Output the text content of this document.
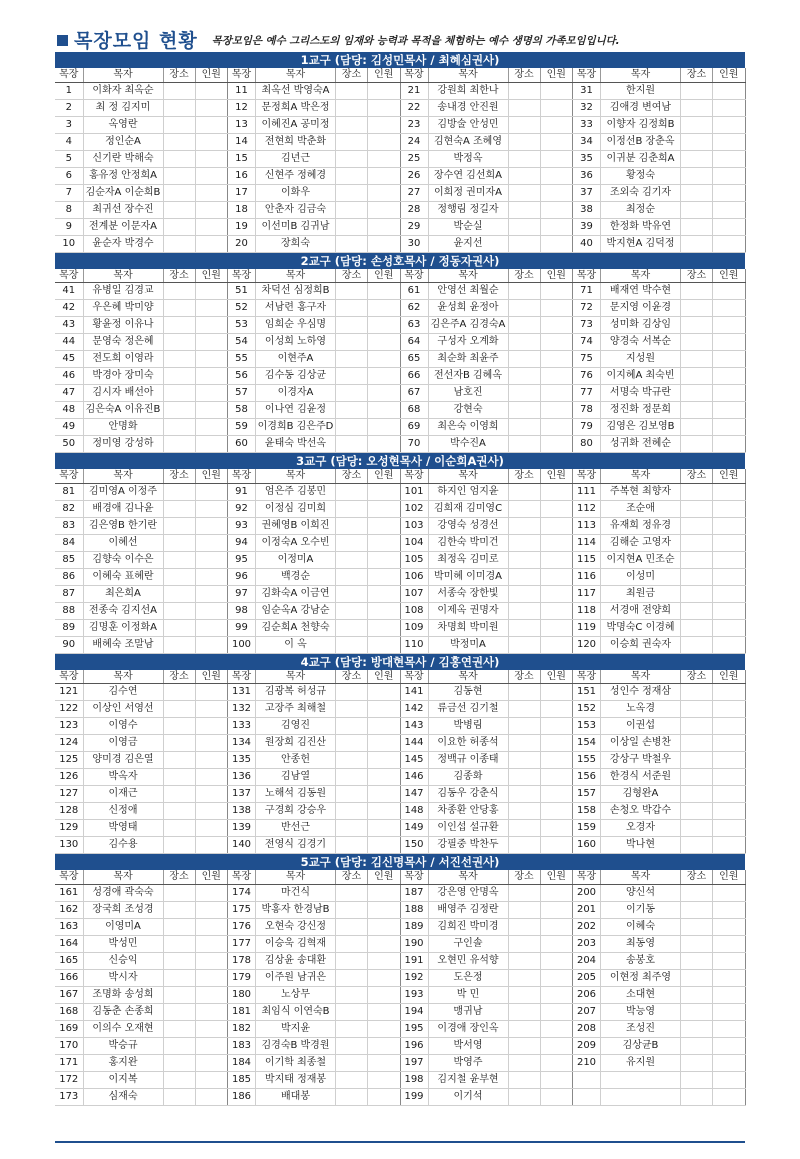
목장모임 현황 목장모임은 예수 그리스도의 임재와 능력과 목적을 체험하는 예수 생명의 가족모임입니다.
1교구 (담당: 김성민목사 / 최혜심권사)
목장	목자	장소	인원	목장	목자	장소	인원	목장	목자	장소	인원	목장	목자	장소	인원
1	이화자 최옥순			11	최옥선 박영숙A			21	강원희 최한나			31	한지원		
2	최 정 김지미			12	문정희A 박은정			22	송내경 안진원			32	김애경 변여남		
3	옥영란			13	이혜진A 공미정			23	김방술 안성민			33	이향자 김정희B		
4	정인순A			14	전현희 박춘화			24	김현숙A 조혜영			34	이정선B 장춘옥		
5	신기란 박해숙			15	김년근			25	박정옥			35	이귀분 김춘희A		
6	홍유정 안정희A			16	신현주 정혜경			26	장수연 김선희A			36	황정숙		
7	김순자A 이순희B			17	이화우			27	이희정 권미자A			37	조외숙 김기자		
8	최귀선 장수진			18	안춘자 김금숙			28	정행림 정길자			38	최정순		
9	전계분 이문자A			19	이선미B 김귀남			29	박순실			39	한정화 박유연		
10	윤순자 박경수			20	장희숙			30	윤지선			40	박지현A 김덕정		
2교구 (담당: 손성호목사 / 정동자권사)
목장	목자	장소	인원	목장	목자	장소	인원	목장	목자	장소	인원	목장	목자	장소	인원
41	유병일 김경교			51	차덕선 심정희B			61	안영선 최월순			71	배재연 박수현		
42	우은혜 박미양			52	서남련 홍구자			62	윤성희 윤정아			72	문지영 이윤경		
43	황윤정 이유나			53	임희순 우심명			63	김은주A 김경숙A			73	성미화 김상임		
44	문영숙 정은혜			54	이성희 노하영			64	구성자 오계화			74	양경숙 서복순		
45	전도희 이영라			55	이현주A			65	최순화 최윤주			75	지성원		
46	박경아 장미숙			56	김수동 김상균			66	전선자B 김혜옥			76	이지혜A 최숙빈		
47	김시자 배선아			57	이경자A			67	남호진			77	서명숙 박규란		
48	김은숙A 이유진B			58	이나연 김윤정			68	강현숙			78	정진화 정문희		
49	안명화			59	이경희B 김은주D			69	최은숙 이영희			79	김영은 김보영B		
50	정미영 강성하			60	윤태숙 박선옥			70	박수진A			80	성귀화 전혜순		
3교구 (담당: 오성현목사 / 이순희A권사)
목장	목자	장소	인원	목장	목자	장소	인원	목장	목자	장소	인원	목장	목자	장소	인원
81	김미영A 이정주			91	엄은주 김봉민			101	하지인 엄지윤			111	주복현 최향자		
82	배경애 김나윤			92	이정심 김미희			102	김희재 김미영C			112	조순애		
83	김은영B 한기란			93	권혜영B 이희진			103	강영숙 성경선			113	유재희 정유경		
84	이혜선			94	이정숙A 오수빈			104	김한숙 박미건			114	김해순 고영자		
85	김향숙 이수은			95	이정미A			105	최정옥 김미로			115	이지현A 민조순		
86	이혜숙 표혜란			96	백경순			106	박미혜 이미경A			116	이성미		
87	최은희A			97	김화숙A 이금연			107	서종숙 장한빛			117	최원금		
88	전종숙 김지선A			98	임순옥A 강남순			108	이제옥 권명자			118	서경애 전양희		
89	김명훈 이정화A			99	김순희A 천향숙			109	차명희 박미원			119	박명숙C 이경혜		
90	배혜숙 조말남			100	이 옥			110	박정미A			120	이승희 권숙자		
4교구 (담당: 방대현목사 / 김홍연권사)
목장	목자	장소	인원	목장	목자	장소	인원	목장	목자	장소	인원	목장	목자	장소	인원
121	김수연			131	김광복 허성규			141	김동현			151	성인수 정재삼		
122	이상인 서영선			132	고장주 최해철			142	류금선 김기철			152	노옥경		
123	이영수			133	김영진			143	박병림			153	이권섭		
124	이영금			134	원장희 김진산			144	이요한 허종석			154	이상일 손병찬		
125	양미경 김은열			135	안종헌			145	정백규 이종태			155	강상구 박철우		
126	박옥자			136	김남열			146	김종화			156	한경식 서준원		
127	이재근			137	노해석 김동원			147	김동우 강춘식			157	김형완A		
128	신정애			138	구경회 강승우			148	차종환 안당홍			158	손청오 박갑수		
129	박영태			139	반선근			149	이인섭 설규환			159	오경자		
130	김수용			140	전영식 김경기			150	강필중 박찬두			160	박나현		
5교구 (담당: 김신명목사 / 서진선권사)
목장	목자	장소	인원	목장	목자	장소	인원	목장	목자	장소	인원	목장	목자	장소	인원
161	성경애 곽숙숙			174	마건식			187	강은영 안명옥			200	양신석		
162	장국희 조성경			175	박홍자 한경남B			188	배영주 김정란			201	이기동		
163	이영미A			176	오현숙 강신정			189	김희진 박미경			202	이혜숙		
164	박성민			177	이승욱 김혁재			190	구인솔			203	최동영		
165	신승익			178	김상윤 송대환			191	오현민 유석향			204	송봉호		
166	박시자			179	이주원 남귀은			192	도은정			205	이현정 최주영		
167	조명화 송성희			180	노상무			193	박 민			206	소대현		
168	김동춘 손종희			181	최임식 이연숙B			194	맹귀남			207	박능영		
169	이의수 오재현			182	박지윤			195	이경애 장인옥			208	조성진		
170	박승규			183	김경숙B 박경원			196	박서영			209	김상균B		
171	홍지완			184	이기학 최종철			197	박영주			210	유지원		
172	이지복			185	박지태 정재봉			198	김지철 윤부현						
173	심재숙			186	배대봉			199	이기석						
